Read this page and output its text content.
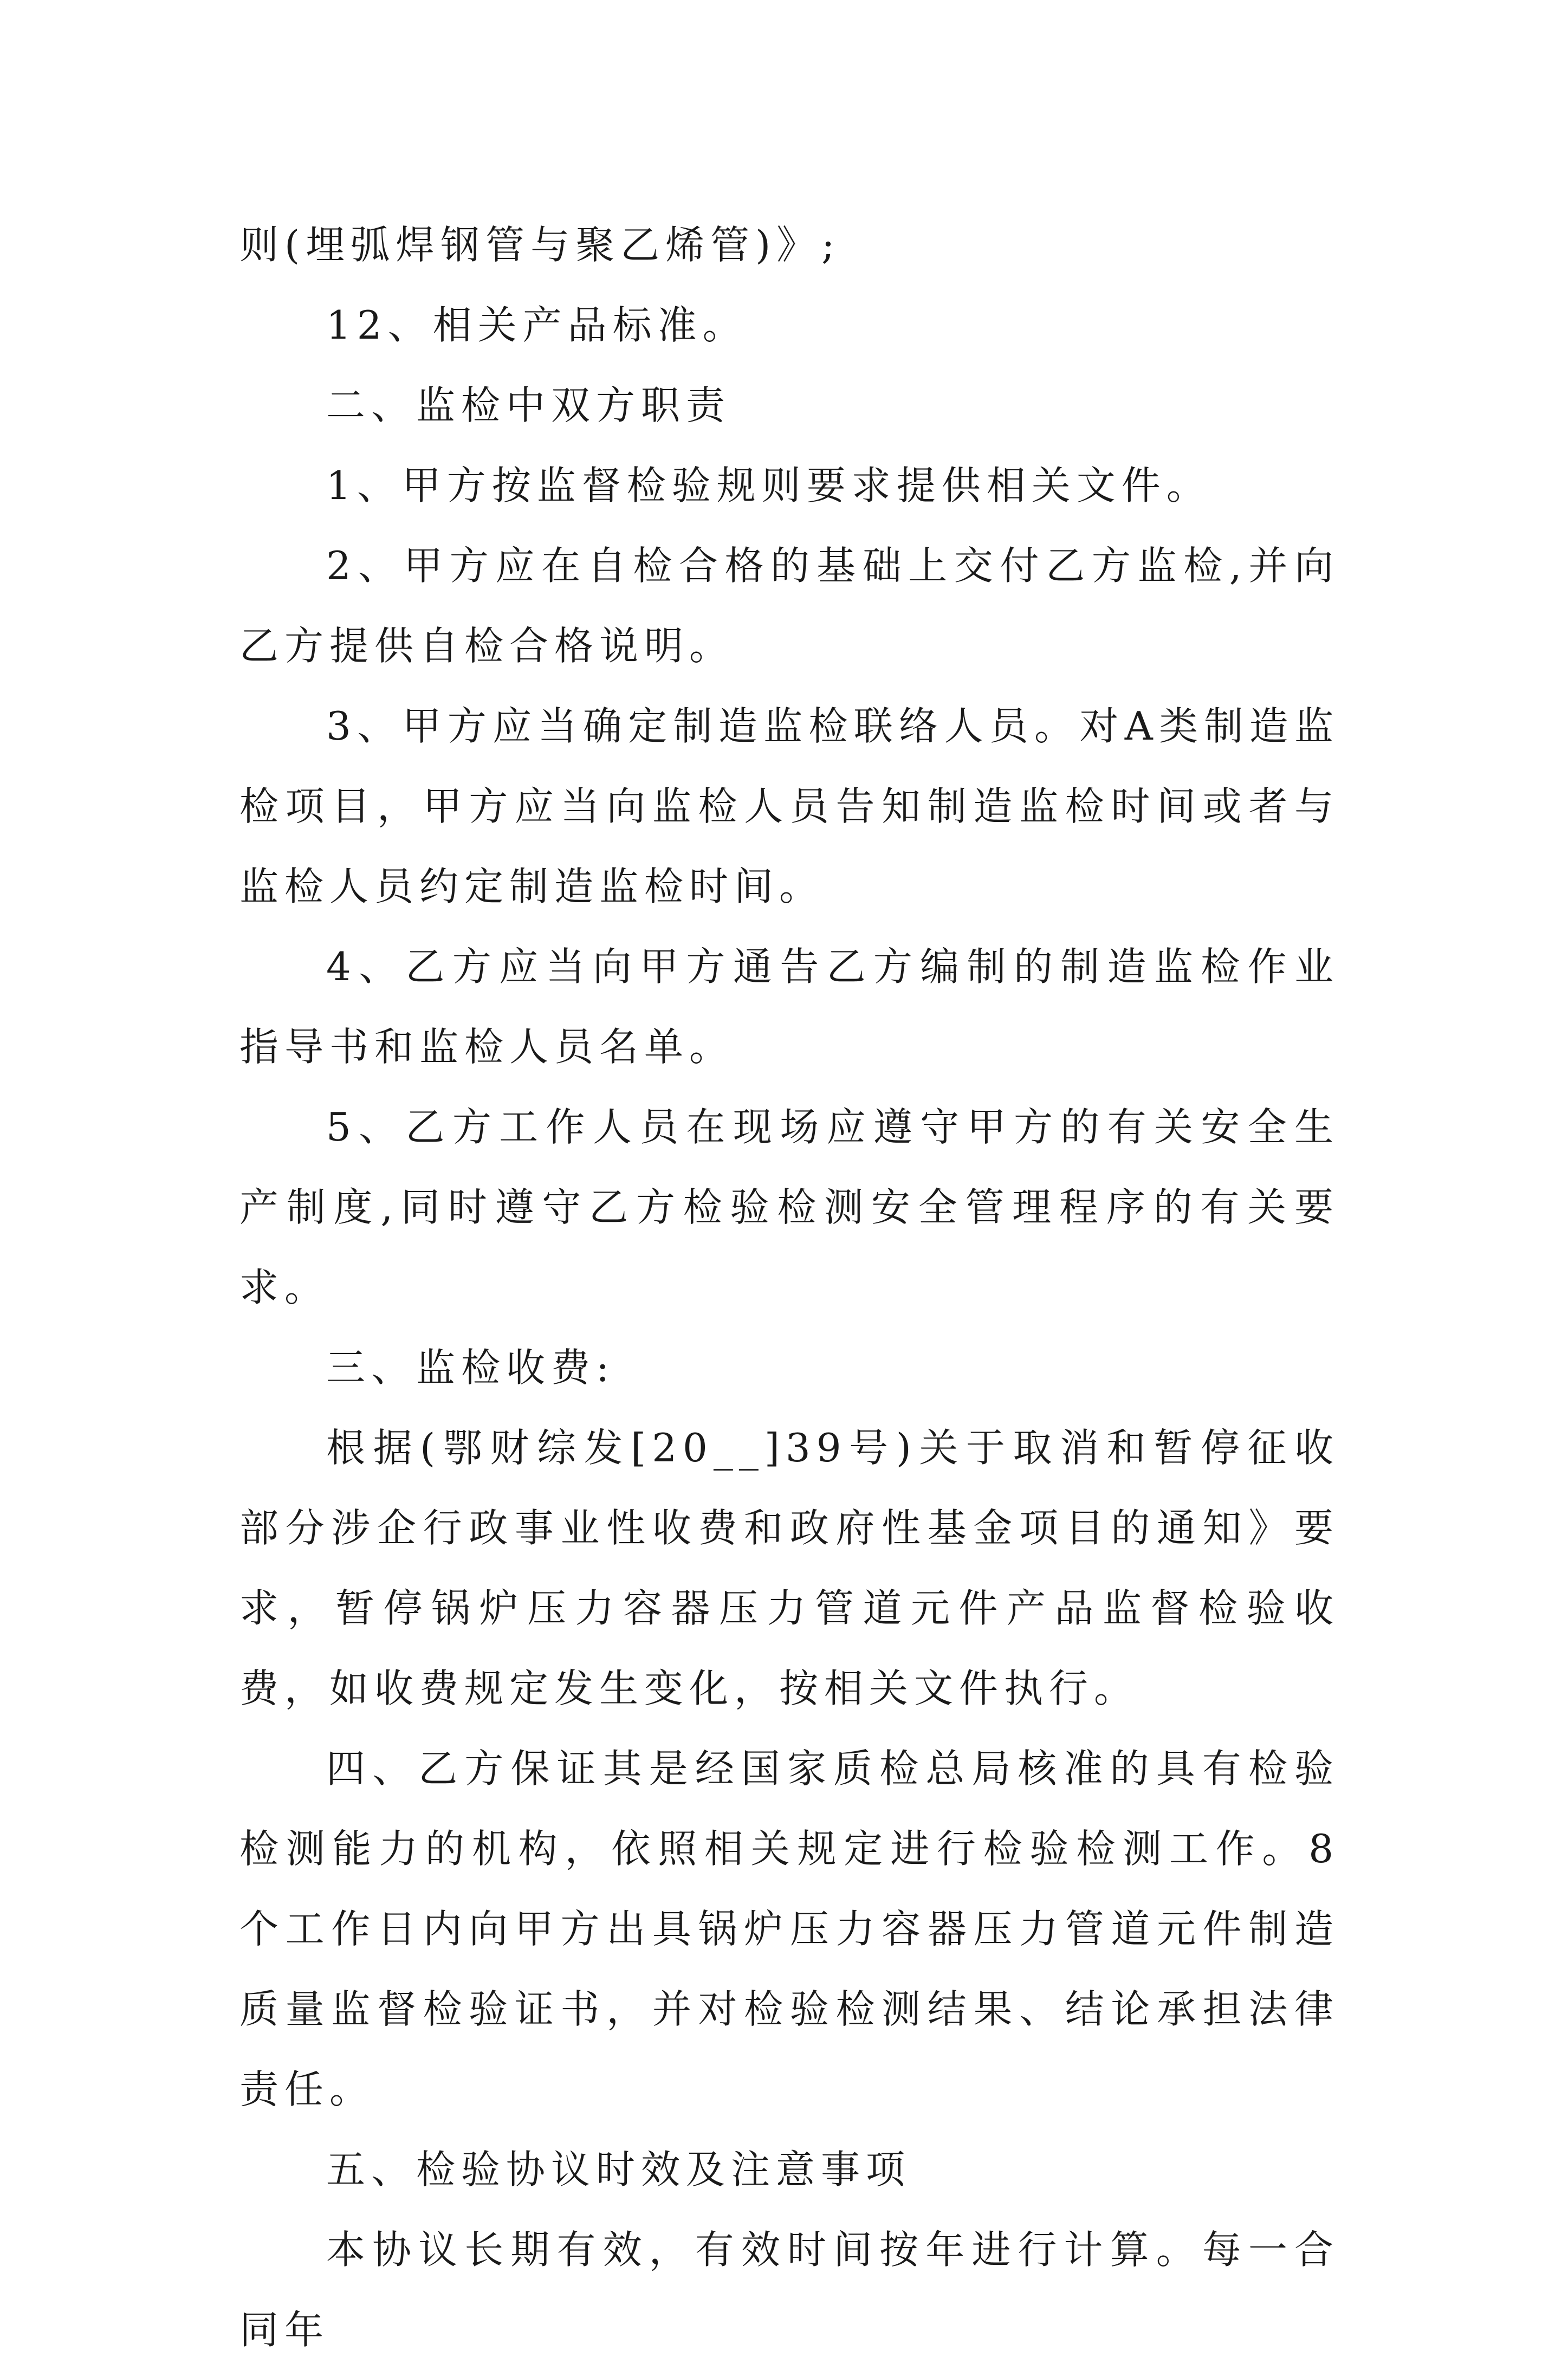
则(埋弧焊钢管与聚乙烯管)》;

12、相关产品标准。

二、监检中双方职责

1、甲方按监督检验规则要求提供相关文件。

2、甲方应在自检合格的基础上交付乙方监检,并向乙方提供自检合格说明。

3、甲方应当确定制造监检联络人员。对A类制造监检项目，甲方应当向监检人员告知制造监检时间或者与监检人员约定制造监检时间。

4、乙方应当向甲方通告乙方编制的制造监检作业指导书和监检人员名单。

5、乙方工作人员在现场应遵守甲方的有关安全生产制度,同时遵守乙方检验检测安全管理程序的有关要求。

三、监检收费:

根据(鄂财综发[20__]39号)关于取消和暂停征收部分涉企行政事业性收费和政府性基金项目的通知》要求，暂停锅炉压力容器压力管道元件产品监督检验收费，如收费规定发生变化，按相关文件执行。

四、乙方保证其是经国家质检总局核准的具有检验检测能力的机构，依照相关规定进行检验检测工作。8个工作日内向甲方出具锅炉压力容器压力管道元件制造质量监督检验证书，并对检验检测结果、结论承担法律责任。

五、检验协议时效及注意事项

本协议长期有效，有效时间按年进行计算。每一合同年
